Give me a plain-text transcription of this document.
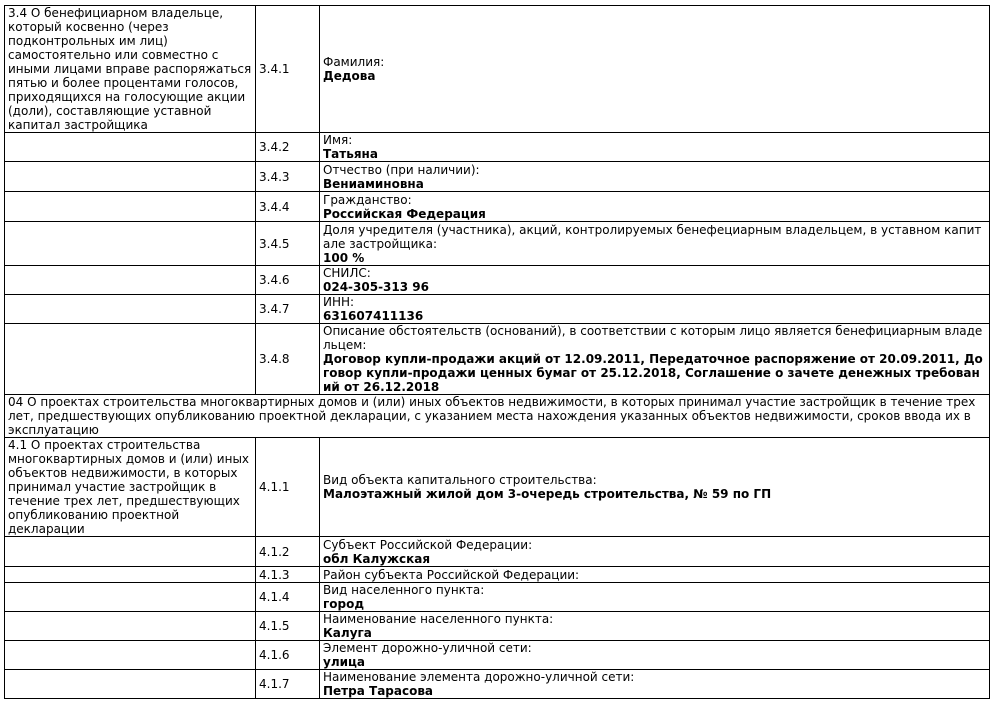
3.4 О бенефициарном владельце, который косвенно (через подконтрольных им лиц) самостоятельно или совместно с иными лицами вправе распоряжаться пятью и более процентами голосов, приходящихся на голосующие акции (доли), составляющие уставной капитал застройщика	3.4.1	Фамилия:
Дедова

	3.4.2	Имя:
Татьяна

	3.4.3	Отчество (при наличии):
Вениаминовна

	3.4.4	Гражданство:
Российская Федерация

	3.4.5	Доля учредителя (участника), акций, контролируемых бенефециарным владельцем, в уставном капитале застройщика:
100 %

	3.4.6	СНИЛС:
024-305-313 96

	3.4.7	ИНН:
631607411136

	3.4.8	Описание обстоятельств (оснований), в соответствии с которым лицо является бенефициарным владельцем:
Договор купли-продажи акций от 12.09.2011, Передаточное распоряжение от 20.09.2011, Договор купли-продажи ценных бумаг от 25.12.2018, Соглашение о зачете денежных требований от 26.12.2018

04 О проектах строительства многоквартирных домов и (или) иных объектов недвижимости, в которых принимал участие застройщик в течение трех лет, предшествующих опубликованию проектной декларации, с указанием места нахождения указанных объектов недвижимости, сроков ввода их в эксплуатацию		
4.1 О проектах строительства многоквартирных домов и (или) иных объектов недвижимости, в которых принимал участие застройщик в течение трех лет, предшествующих опубликованию проектной декларации	4.1.1	Вид объекта капитального строительства:
Малоэтажный жилой дом 3-очередь строительства, № 59 по ГП

	4.1.2	Субъект Российской Федерации:
обл Калужская

	4.1.3	Район субъекта Российской Федерации:

	4.1.4	Вид населенного пункта:
город

	4.1.5	Наименование населенного пункта:
Калуга

	4.1.6	Элемент дорожно-уличной сети:
улица

	4.1.7	Наименование элемента дорожно-уличной сети:
Петра Тарасова
